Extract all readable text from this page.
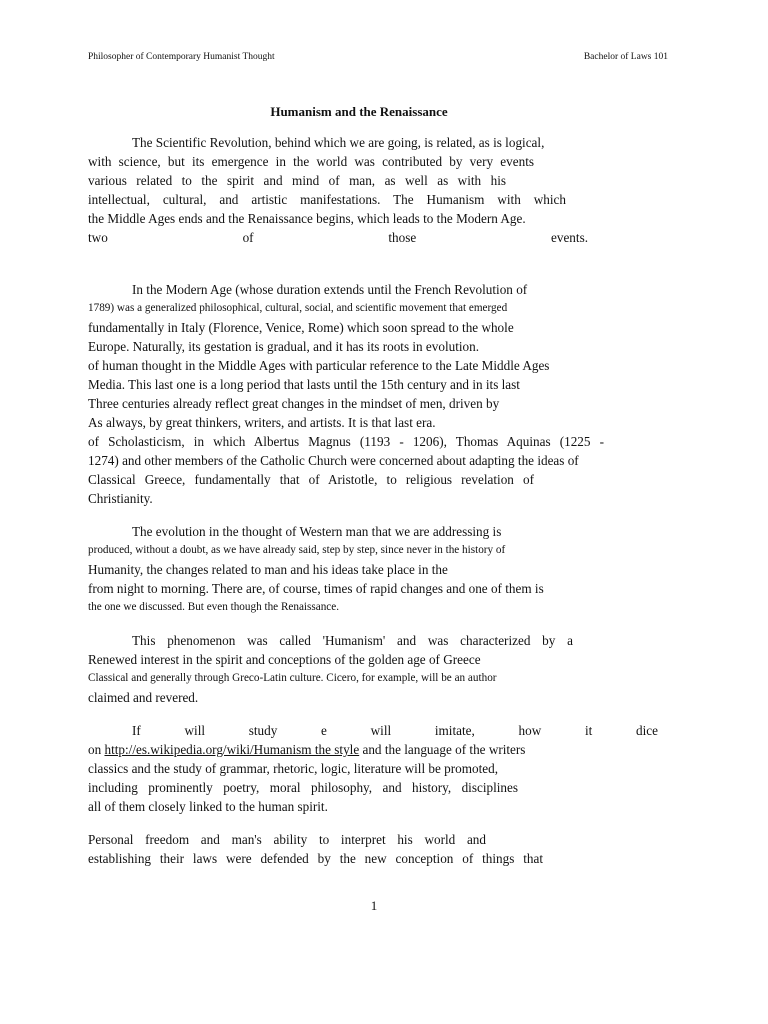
Philosopher of Contemporary Humanist Thought	Bachelor of Laws 101
Humanism and the Renaissance
The Scientific Revolution, behind which we are going, is related, as is logical,
with science, but its emergence in the world was contributed by very events
various related to the spirit and mind of man, as well as with his
intellectual, cultural, and artistic manifestations. The Humanism with which
the Middle Ages ends and the Renaissance begins, which leads to the Modern Age.
two of those events.
In the Modern Age (whose duration extends until the French Revolution of
1789) was a generalized philosophical, cultural, social, and scientific movement that emerged
fundamentally in Italy (Florence, Venice, Rome) which soon spread to the whole
Europe. Naturally, its gestation is gradual, and it has its roots in evolution.
of human thought in the Middle Ages with particular reference to the Late Middle Ages
Media. This last one is a long period that lasts until the 15th century and in its last
Three centuries already reflect great changes in the mindset of men, driven by
As always, by great thinkers, writers, and artists. It is that last era.
of Scholasticism, in which Albertus Magnus (1193 - 1206), Thomas Aquinas (1225 -
1274) and other members of the Catholic Church were concerned about adapting the ideas of
Classical Greece, fundamentally that of Aristotle, to religious revelation of
Christianity.
The evolution in the thought of Western man that we are addressing is
produced, without a doubt, as we have already said, step by step, since never in the history of
Humanity, the changes related to man and his ideas take place in the
from night to morning. There are, of course, times of rapid changes and one of them is
the one we discussed. But even though the Renaissance.
This phenomenon was called 'Humanism' and was characterized by a
Renewed interest in the spirit and conceptions of the golden age of Greece
Classical and generally through Greco-Latin culture. Cicero, for example, will be an author
claimed and revered.
If will study e will imitate, how it dice
on http://es.wikipedia.org/wiki/Humanism the style and the language of the writers
classics and the study of grammar, rhetoric, logic, literature will be promoted,
including prominently poetry, moral philosophy, and history, disciplines
all of them closely linked to the human spirit.
Personal freedom and man's ability to interpret his world and
establishing their laws were defended by the new conception of things that
1
